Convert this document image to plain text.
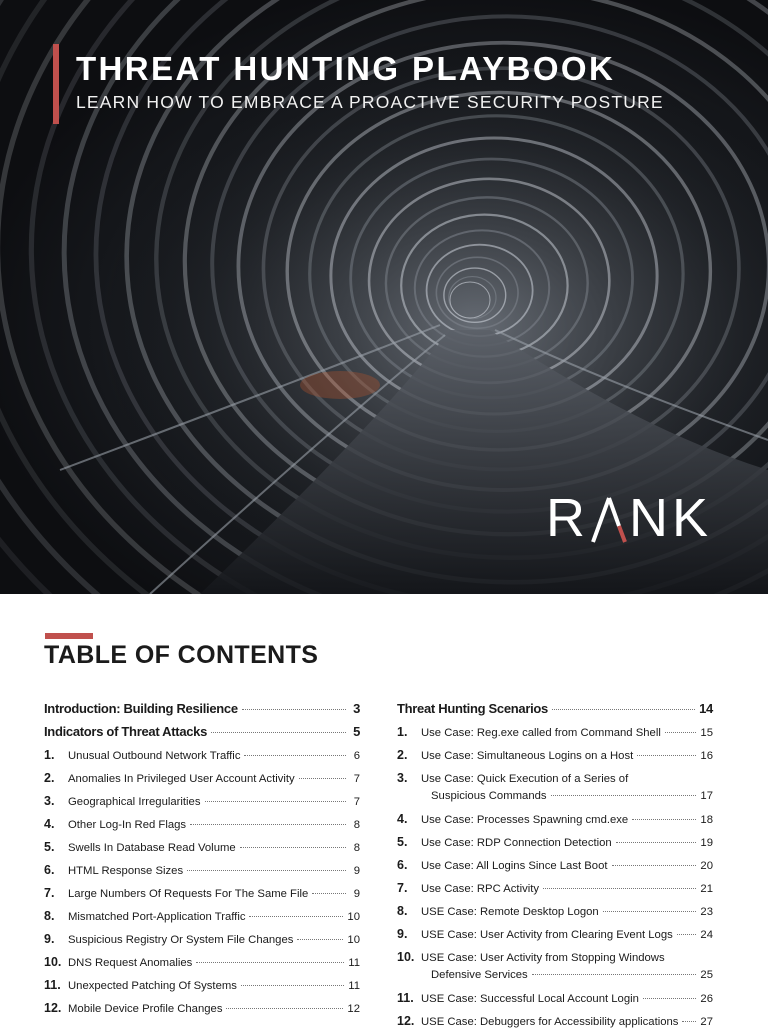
THREAT HUNTING PLAYBOOK

LEARN HOW TO EMBRACE A PROACTIVE SECURITY POSTURE

R NK
TABLE OF CONTENTS
Introduction: Building Resilience	3
Indicators of Threat Attacks	5
1.	Unusual Outbound Network Traffic	6
2.	Anomalies In Privileged User Account Activity	7
3.	Geographical Irregularities	7
4.	Other Log-In Red Flags	8
5.	Swells In Database Read Volume	8
6.	HTML Response Sizes	9
7.	Large Numbers Of Requests For The Same File	9
8.	Mismatched Port-Application Traffic	10
9.	Suspicious Registry Or System File Changes	10
10. DNS Request Anomalies	11
11. Unexpected Patching Of Systems	11
12. Mobile Device Profile Changes	12
Threat Hunting Scenarios	14
1.	Use Case: Reg.exe called from Command Shell	15
2.	Use Case: Simultaneous Logins on a Host	16
3.	Use Case: Quick Execution of a Series of
Suspicious Commands	17
4.	Use Case: Processes Spawning cmd.exe	18
5.	Use Case: RDP Connection Detection	19
6.	Use Case: All Logins Since Last Boot	20
7.	Use Case: RPC Activity	21
8.	USE Case: Remote Desktop Logon	23
9.	USE Case: User Activity from Clearing Event Logs 24
10. USE Case: User Activity from Stopping Windows
Defensive Services	25
11. USE Case: Successful Local Account Login	26
12. USE Case: Debuggers for Accessibility applications 27
